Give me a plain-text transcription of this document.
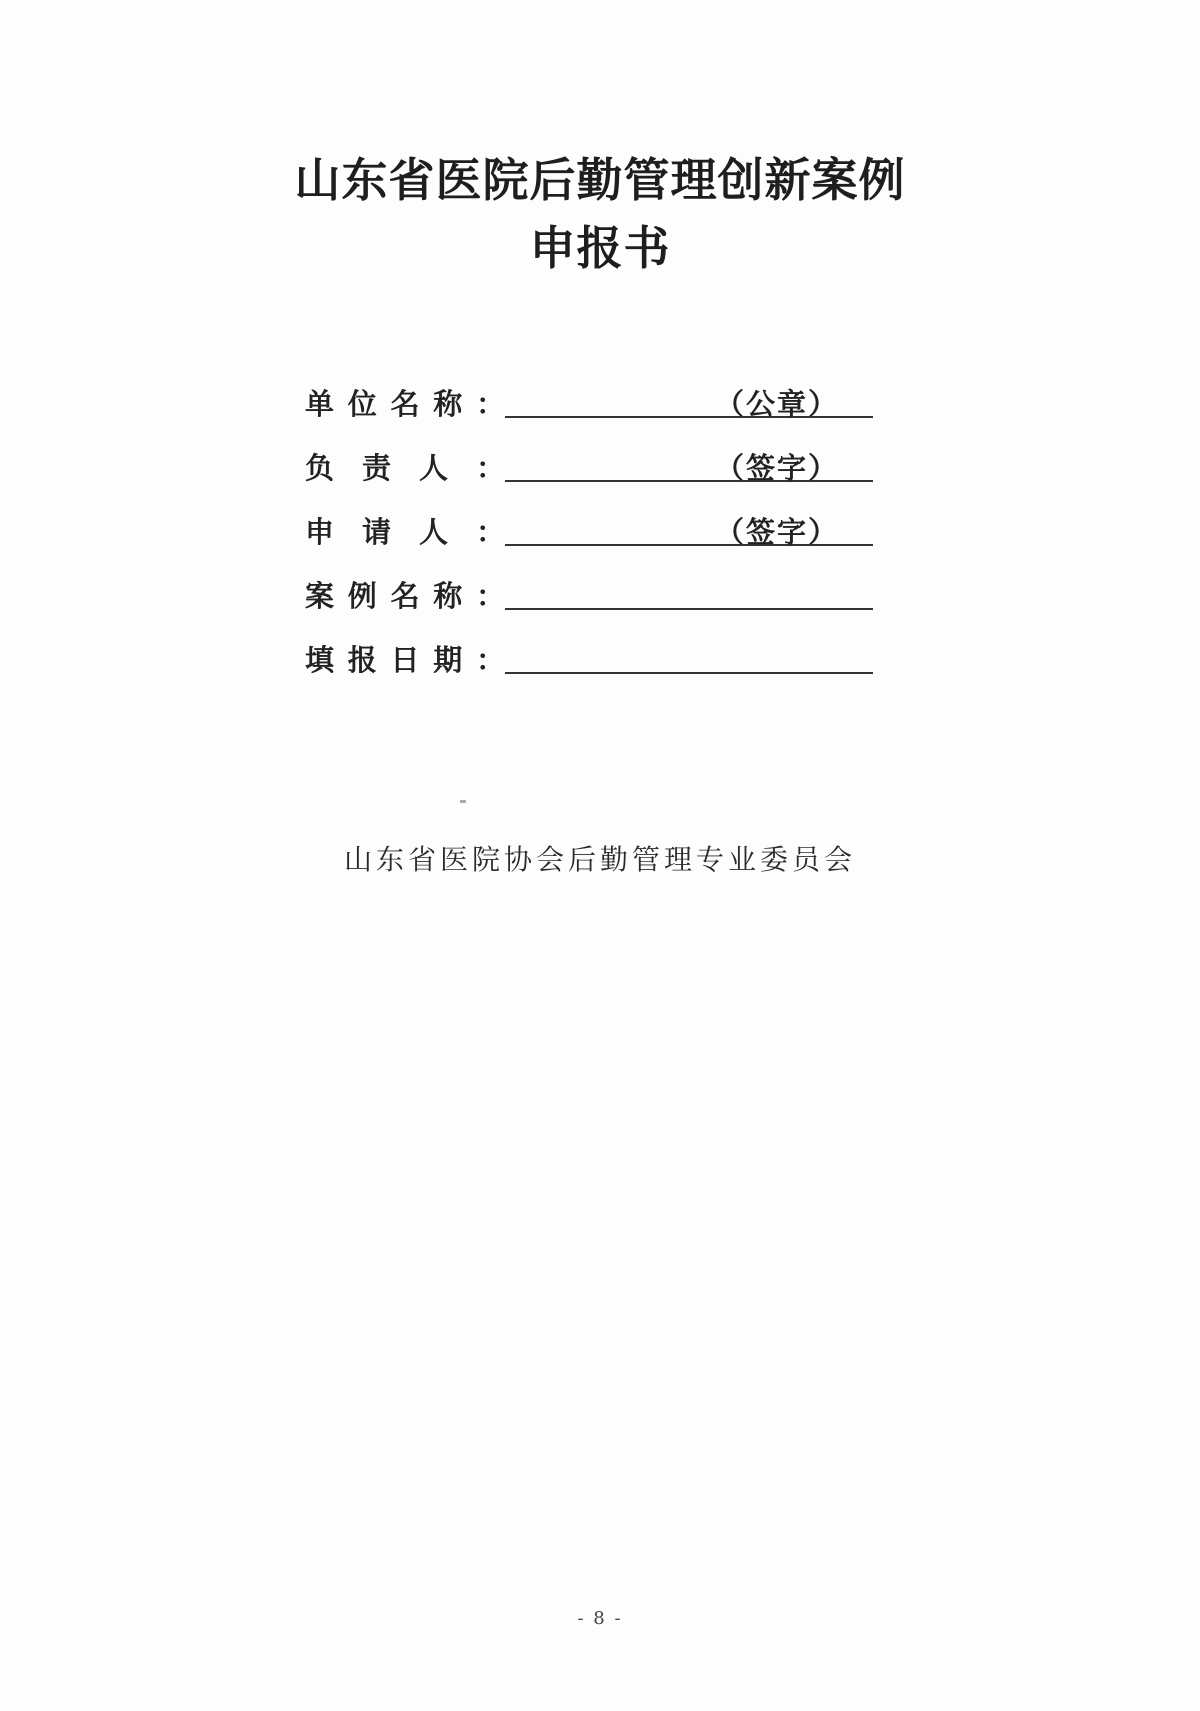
山东省医院后勤管理创新案例
申报书
单 位 名 称 ：	（公章）
负 责 人 ：	（签字）
申 请 人 ：	（签字）
案 例 名 称 ：
填 报 日 期 ：
山东省医院协会后勤管理专业委员会
- 8 -
